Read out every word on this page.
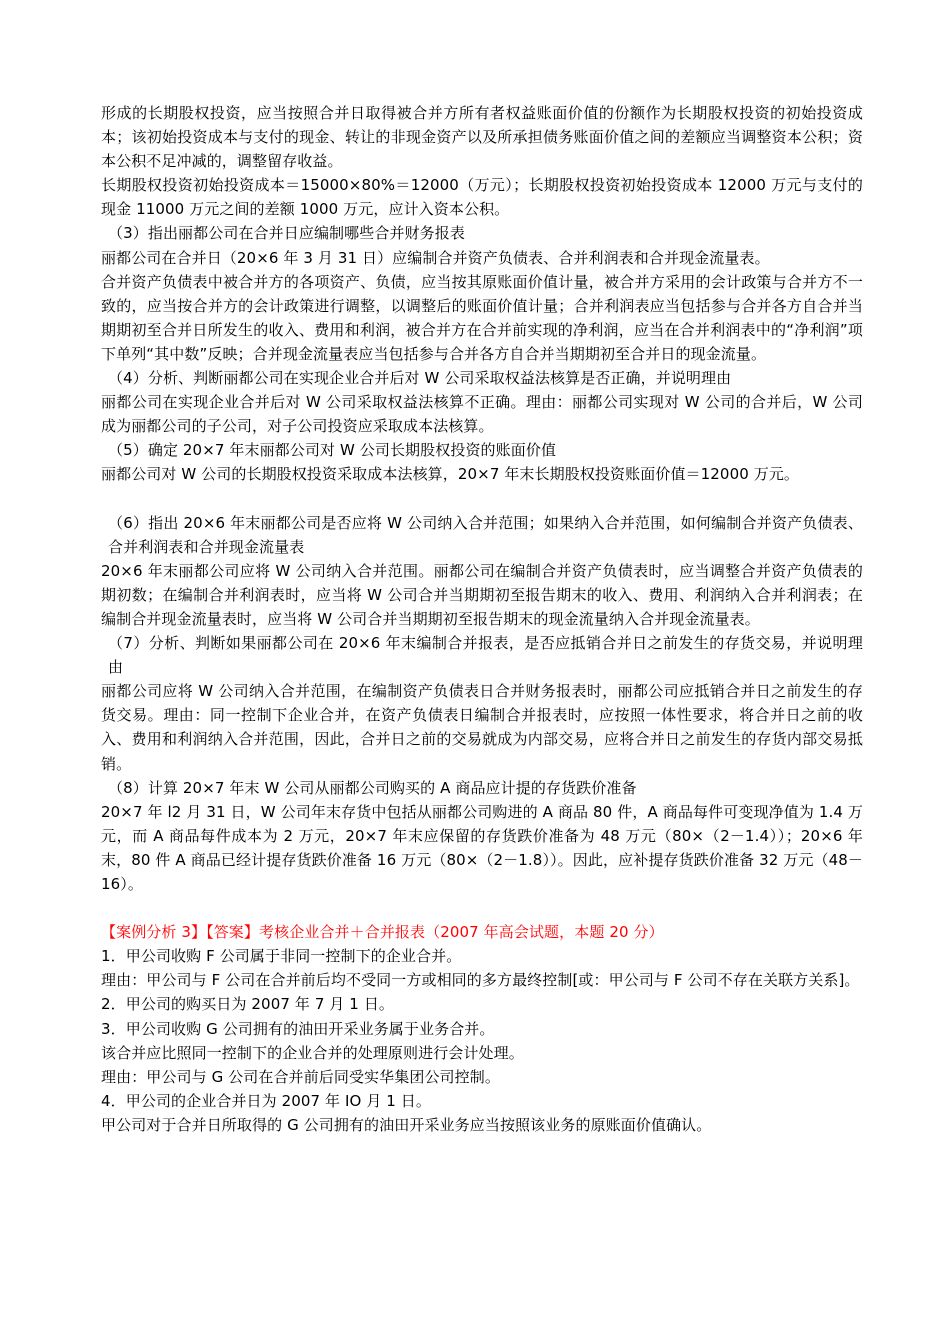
形成的长期股权投资，应当按照合并日取得被合并方所有者权益账面价值的份额作为长期股权投资的初始投资成本；该初始投资成本与支付的现金、转让的非现金资产以及所承担债务账面价值之间的差额应当调整资本公积；资本公积不足冲减的，调整留存收益。
长期股权投资初始投资成本＝15000×80%＝12000（万元）；长期股权投资初始投资成本 12000 万元与支付的现金 11000 万元之间的差额 1000 万元，应计入资本公积。
（3）指出丽都公司在合并日应编制哪些合并财务报表
丽都公司在合并日（20×6 年 3 月 31 日）应编制合并资产负债表、合并利润表和合并现金流量表。
合并资产负债表中被合并方的各项资产、负债，应当按其原账面价值计量，被合并方采用的会计政策与合并方不一致的，应当按合并方的会计政策进行调整，以调整后的账面价值计量；合并利润表应当包括参与合并各方自合并当期期初至合并日所发生的收入、费用和利润，被合并方在合并前实现的净利润，应当在合并利润表中的“净利润”项下单列“其中数”反映；合并现金流量表应当包括参与合并各方自合并当期期初至合并日的现金流量。
（4）分析、判断丽都公司在实现企业合并后对 W 公司采取权益法核算是否正确，并说明理由
丽都公司在实现企业合并后对 W 公司采取权益法核算不正确。理由：丽都公司实现对 W 公司的合并后，W 公司成为丽都公司的子公司，对子公司投资应采取成本法核算。
（5）确定 20×7 年末丽都公司对 W 公司长期股权投资的账面价值
丽都公司对 W 公司的长期股权投资采取成本法核算，20×7 年末长期股权投资账面价值＝12000 万元。
（6）指出 20×6 年末丽都公司是否应将 W 公司纳入合并范围；如果纳入合并范围，如何编制合并资产负债表、合并利润表和合并现金流量表
20×6 年末丽都公司应将 W 公司纳入合并范围。丽都公司在编制合并资产负债表时，应当调整合并资产负债表的期初数；在编制合并利润表时，应当将 W 公司合并当期期初至报告期末的收入、费用、利润纳入合并利润表；在编制合并现金流量表时，应当将 W 公司合并当期期初至报告期末的现金流量纳入合并现金流量表。
（7）分析、判断如果丽都公司在 20×6 年末编制合并报表，是否应抵销合并日之前发生的存货交易，并说明理由
丽都公司应将 W 公司纳入合并范围，在编制资产负债表日合并财务报表时，丽都公司应抵销合并日之前发生的存货交易。理由：同一控制下企业合并，在资产负债表日编制合并报表时，应按照一体性要求，将合并日之前的收入、费用和利润纳入合并范围，因此，合并日之前的交易就成为内部交易，应将合并日之前发生的存货内部交易抵销。
（8）计算 20×7 年末 W 公司从丽都公司购买的 A 商品应计提的存货跌价准备
20×7 年 l2 月 31 日，W 公司年末存货中包括从丽都公司购进的 A 商品 80 件，A 商品每件可变现净值为 1.4 万元，而 A 商品每件成本为 2 万元，20×7 年末应保留的存货跌价准备为 48 万元（80×（2－1.4））；20×6 年末，80 件 A 商品已经计提存货跌价准备 16 万元（80×（2－1.8））。因此，应补提存货跌价准备 32 万元（48－16）。
【案例分析 3】【答案】考核企业合并＋合并报表（2007 年高会试题，本题 20 分）
1．甲公司收购 F 公司属于非同一控制下的企业合并。
理由：甲公司与 F 公司在合并前后均不受同一方或相同的多方最终控制[或：甲公司与 F 公司不存在关联方关系]。
2．甲公司的购买日为 2007 年 7 月 1 日。
3．甲公司收购 G 公司拥有的油田开采业务属于业务合并。
该合并应比照同一控制下的企业合并的处理原则进行会计处理。
理由：甲公司与 G 公司在合并前后同受实华集团公司控制。
4．甲公司的企业合并日为 2007 年 IO 月 1 日。
甲公司对于合并日所取得的 G 公司拥有的油田开采业务应当按照该业务的原账面价值确认。
